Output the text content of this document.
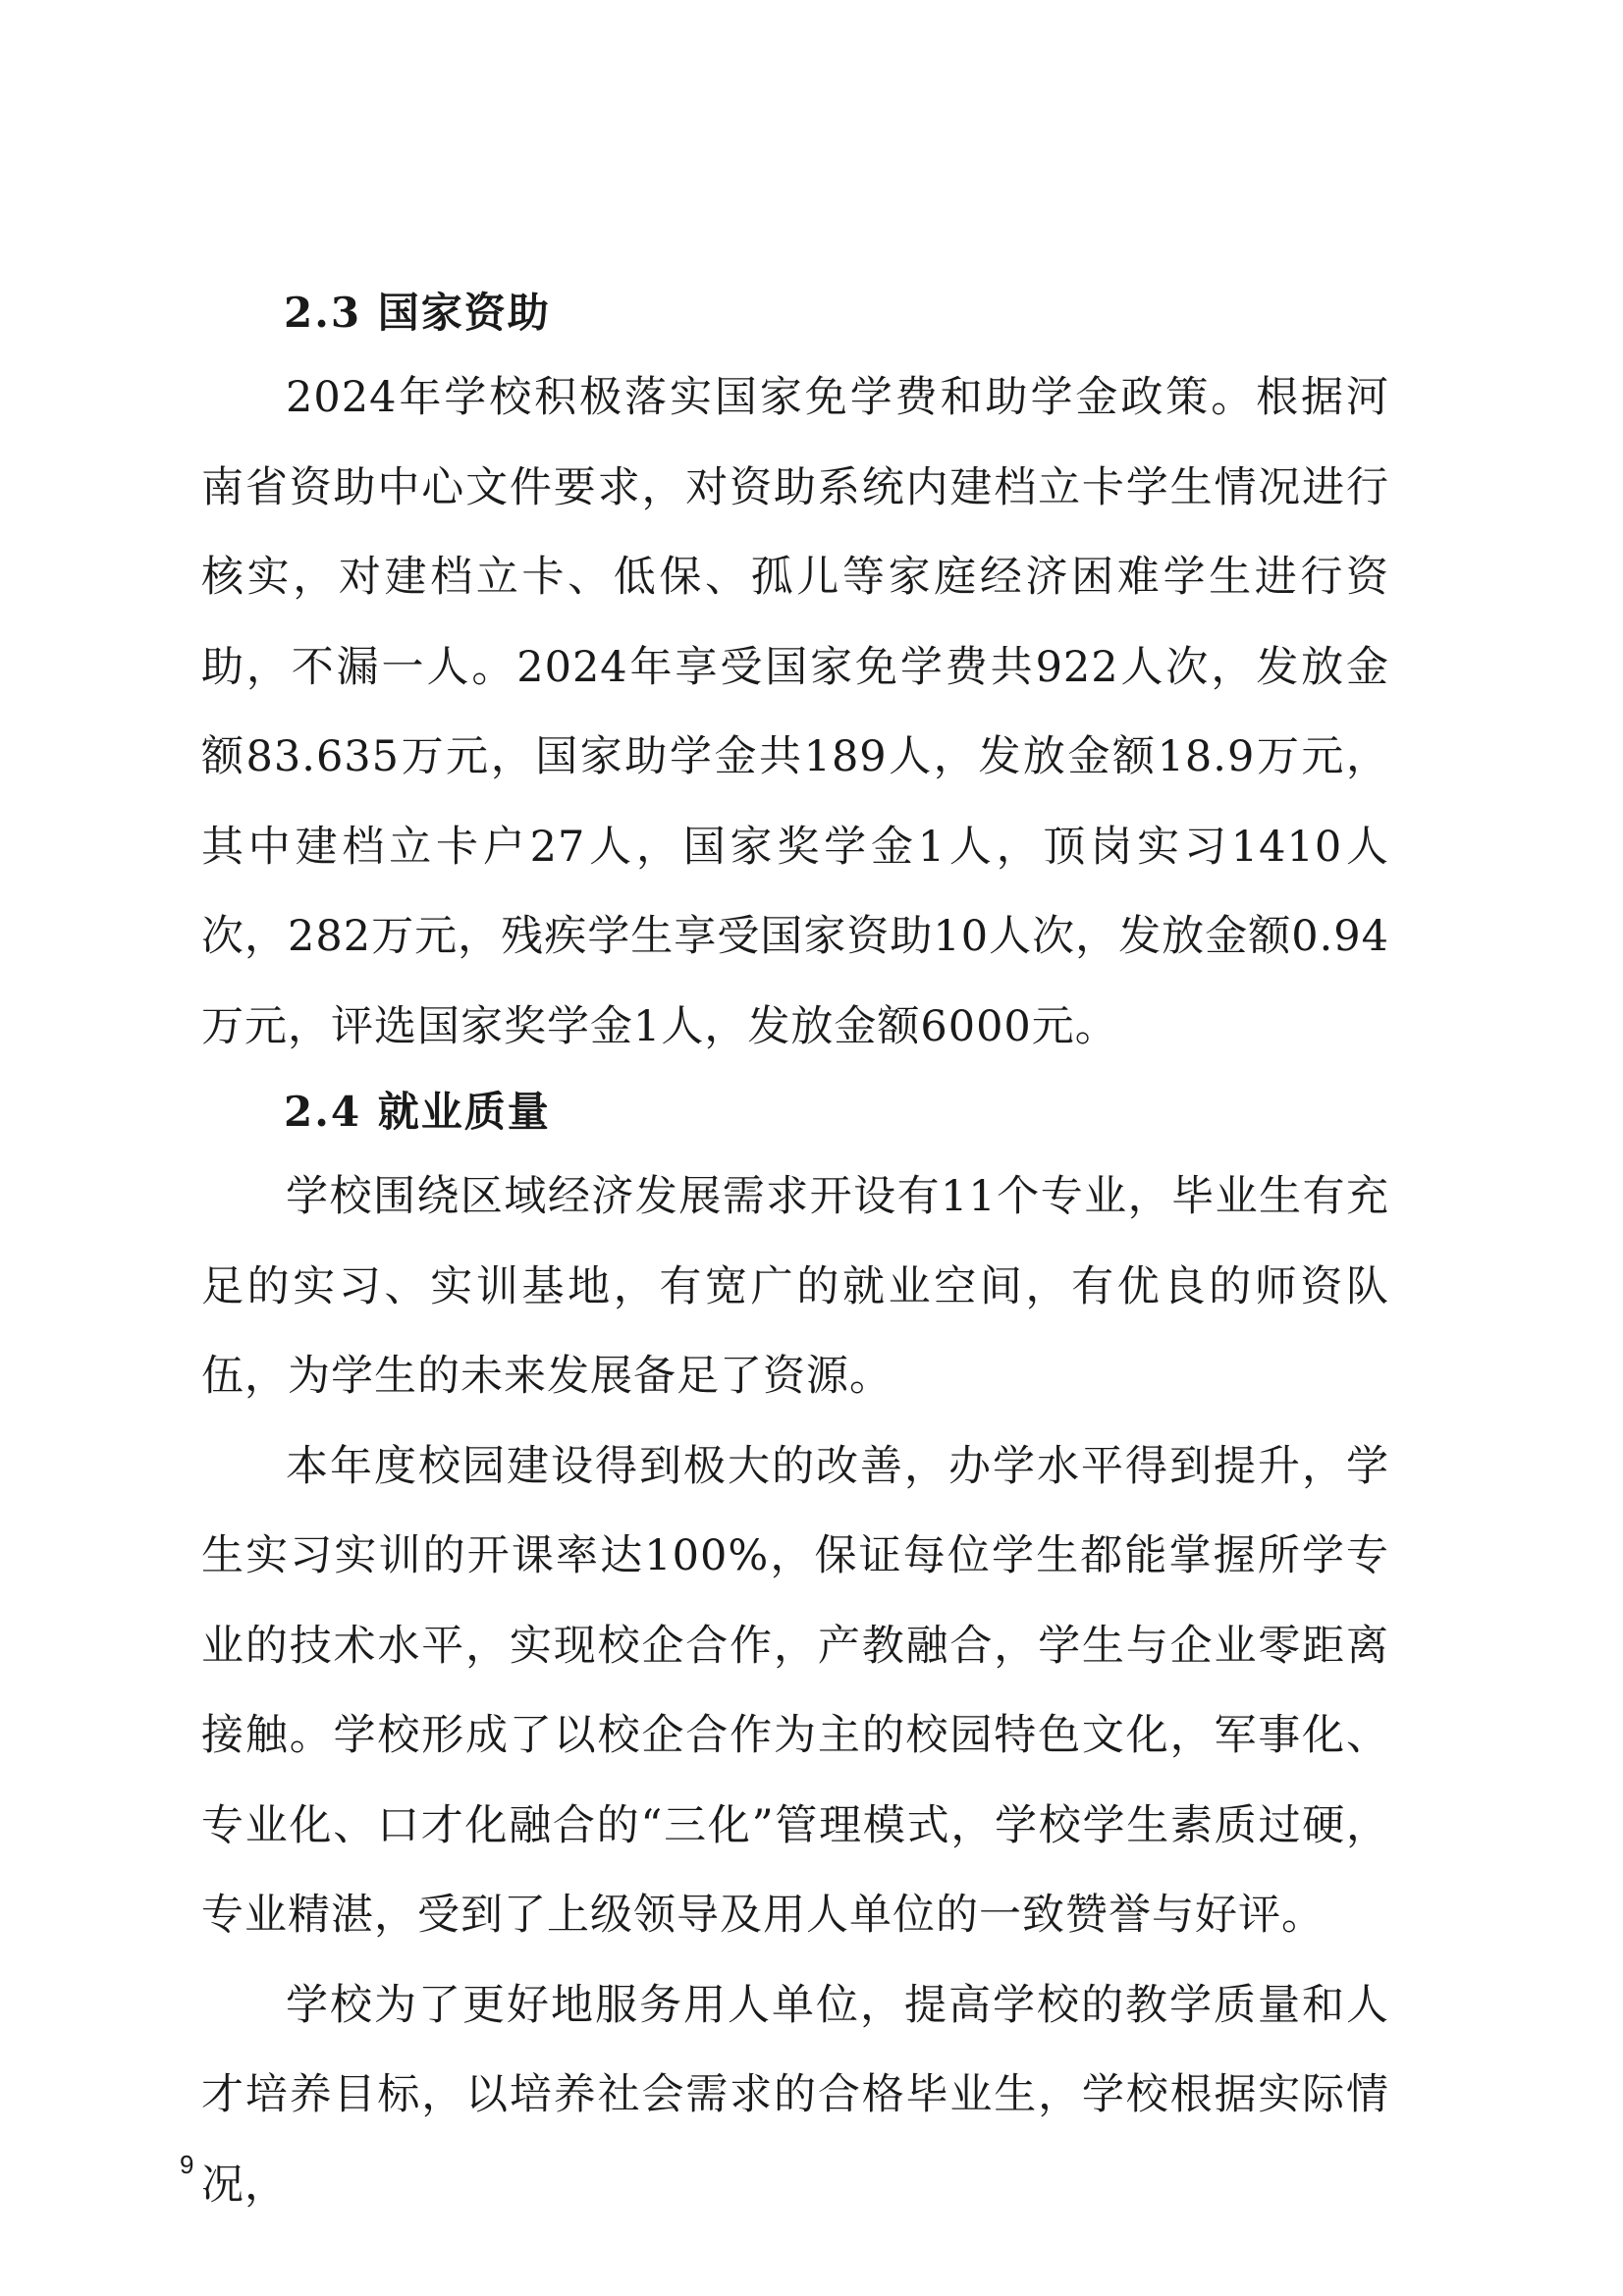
2.3 国家资助

2024年学校积极落实国家免学费和助学金政策。根据河南省资助中心文件要求，对资助系统内建档立卡学生情况进行核实，对建档立卡、低保、孤儿等家庭经济困难学生进行资助，不漏一人。2024年享受国家免学费共922人次，发放金额83.635万元，国家助学金共189人，发放金额18.9万元，其中建档立卡户27人，国家奖学金1人，顶岗实习1410人次，282万元，残疾学生享受国家资助10人次，发放金额0.94万元，评选国家奖学金1人，发放金额6000元。

2.4 就业质量

学校围绕区域经济发展需求开设有11个专业，毕业生有充足的实习、实训基地，有宽广的就业空间，有优良的师资队伍，为学生的未来发展备足了资源。

本年度校园建设得到极大的改善，办学水平得到提升，学生实习实训的开课率达100%，保证每位学生都能掌握所学专业的技术水平，实现校企合作，产教融合，学生与企业零距离接触。学校形成了以校企合作为主的校园特色文化，军事化、专业化、口才化融合的“三化”管理模式，学校学生素质过硬，专业精湛，受到了上级领导及用人单位的一致赞誉与好评。

学校为了更好地服务用人单位，提高学校的教学质量和人才培养目标，以培养社会需求的合格毕业生，学校根据实际情况，

9
